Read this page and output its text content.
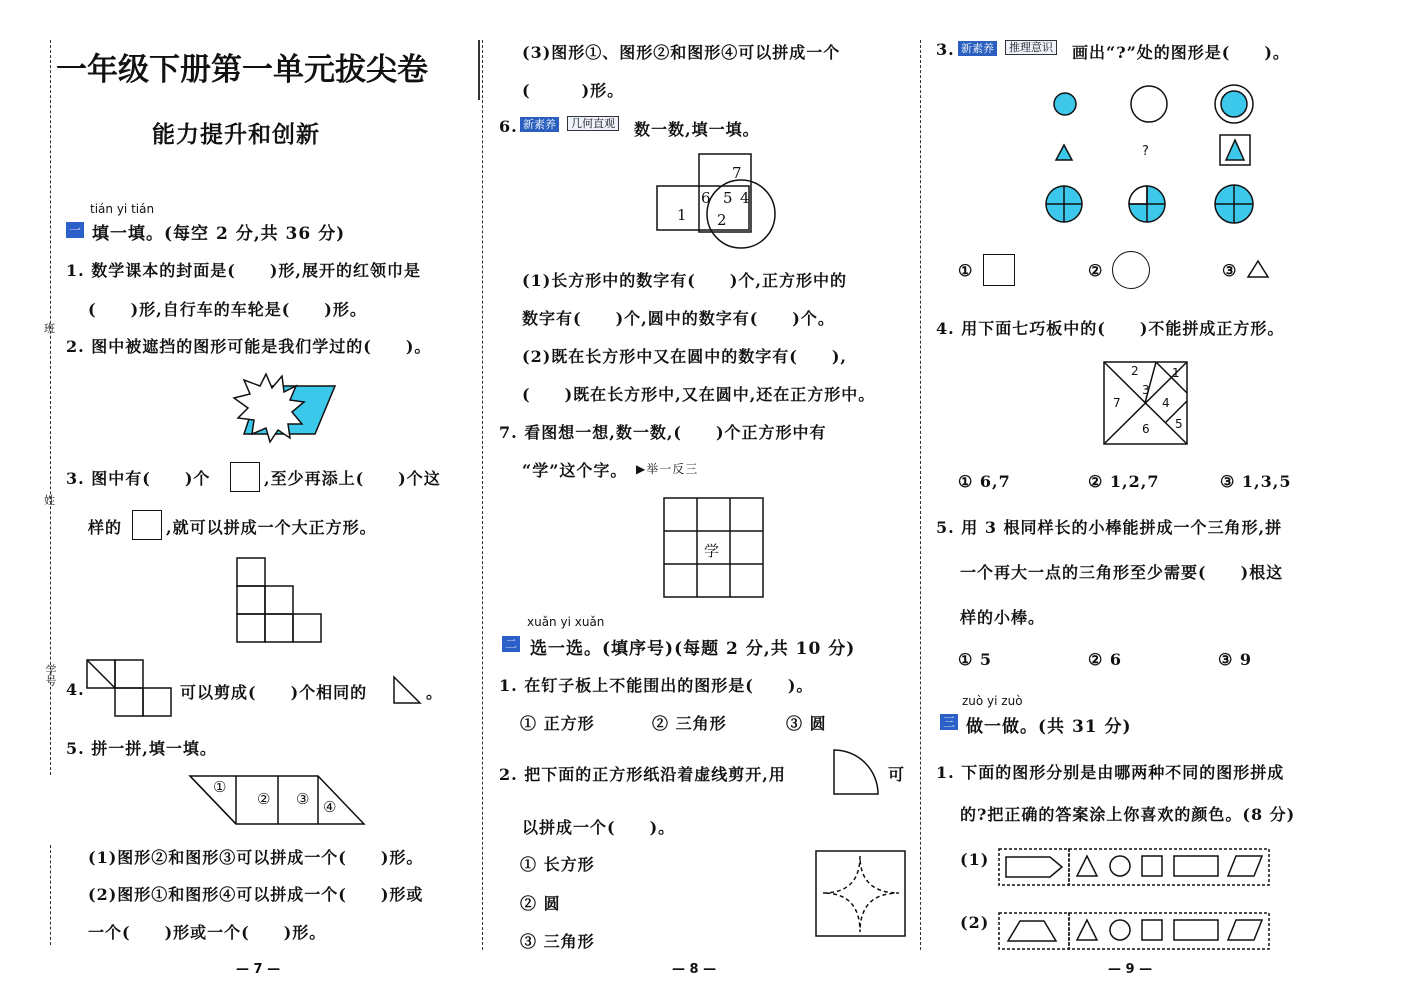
班
姓
学号
一年级下册第一单元拔尖卷
能力提升和创新
tián yi tián
一 填一填。(每空 2 分,共 36 分)
1. 数学课本的封面是(　　)形,展开的红领巾是
(　　)形,自行车的车轮是(　　)形。
2. 图中被遮挡的图形可能是我们学过的(　　)。
3. 图中有(　　)个	,至少再添上(　　)个这
样的	,就可以拼成一个大正方形。
4.	可以剪成(　　)个相同的	。
5. 拼一拼,填一填。
①
② ③ ④
(1)图形②和图形③可以拼成一个(　　)形。
(2)图形①和图形④可以拼成一个(　　)形或
一个(　　)形或一个(　　)形。
— 7 —
(3)图形①、图形②和图形④可以拼成一个
(　　　)形。
6. 新素养	几何直观 数一数,填一填。
7
6 5 4
1 2
(1)长方形中的数字有(　　)个,正方形中的
数字有(　　)个,圆中的数字有(　　)个。
(2)既在长方形中又在圆中的数字有(　　),
(　　)既在长方形中,又在圆中,还在正方形中。
7. 看图想一想,数一数,(　　)个正方形中有
“学”这个字。 ▶举一反三
学
xuǎn yi xuǎn
二 选一选。(填序号)(每题 2 分,共 10 分)
1. 在钉子板上不能围出的图形是(　　)。
① 正方形	② 三角形	③ 圆
2. 把下面的正方形纸沿着虚线剪开,用	可
以拼成一个(　　)。
① 长方形
② 圆
③ 三角形
— 8 —
3. 新素养	推理意识 画出“?”处的图形是(　　)。
?
①	②	③
4. 用下面七巧板中的(　　)不能拼成正方形。
2	1
3
7	4
6 5
① 6,7	② 1,2,7	③ 1,3,5
5. 用 3 根同样长的小棒能拼成一个三角形,拼
一个再大一点的三角形至少需要(　　)根这
样的小棒。
① 5	② 6	③ 9
zuò yi zuò
三 做一做。(共 31 分)
1. 下面的图形分别是由哪两种不同的图形拼成
的?把正确的答案涂上你喜欢的颜色。(8 分)
(1)
(2)
— 9 —
